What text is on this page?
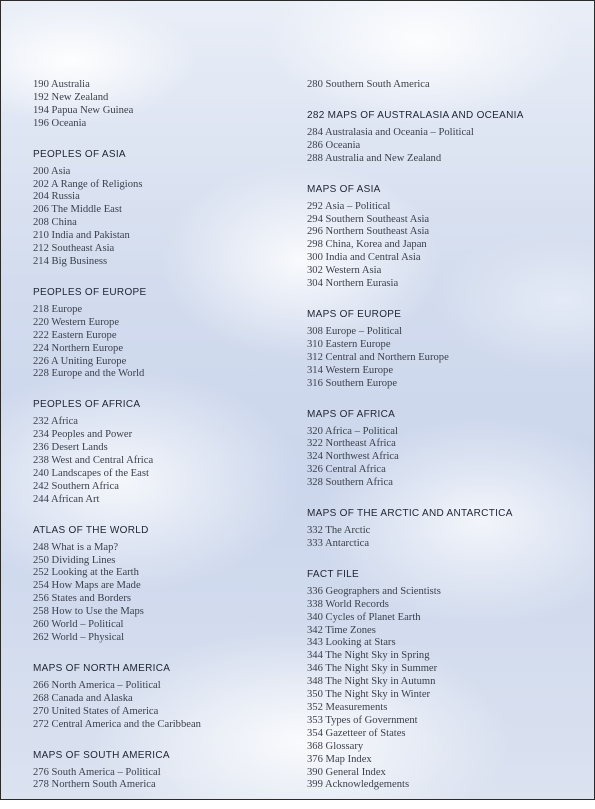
190 Australia
192 New Zealand
194 Papua New Guinea
196 Oceania
PEOPLES OF ASIA
200 Asia
202 A Range of Religions
204 Russia
206 The Middle East
208 China
210 India and Pakistan
212 Southeast Asia
214 Big Business
PEOPLES OF EUROPE
218 Europe
220 Western Europe
222 Eastern Europe
224 Northern Europe
226 A Uniting Europe
228 Europe and the World
PEOPLES OF AFRICA
232 Africa
234 Peoples and Power
236 Desert Lands
238 West and Central Africa
240 Landscapes of the East
242 Southern Africa
244 African Art
ATLAS OF THE WORLD
248 What is a Map?
250 Dividing Lines
252 Looking at the Earth
254 How Maps are Made
256 States and Borders
258 How to Use the Maps
260 World – Political
262 World – Physical
MAPS OF NORTH AMERICA
266 North America – Political
268 Canada and Alaska
270 United States of America
272 Central America and the Caribbean
MAPS OF SOUTH AMERICA
276 South America – Political
278 Northern South America
280 Southern South America
282 MAPS OF AUSTRALASIA AND OCEANIA
284 Australasia and Oceania – Political
286 Oceania
288 Australia and New Zealand
MAPS OF ASIA
292 Asia – Political
294 Southern Southeast Asia
296 Northern Southeast Asia
298 China, Korea and Japan
300 India and Central Asia
302 Western Asia
304 Northern Eurasia
MAPS OF EUROPE
308 Europe – Political
310 Eastern Europe
312 Central and Northern Europe
314 Western Europe
316 Southern Europe
MAPS OF AFRICA
320 Africa – Political
322 Northeast Africa
324 Northwest Africa
326 Central Africa
328 Southern Africa
MAPS OF THE ARCTIC AND ANTARCTICA
332 The Arctic
333 Antarctica
FACT FILE
336 Geographers and Scientists
338 World Records
340 Cycles of Planet Earth
342 Time Zones
343 Looking at Stars
344 The Night Sky in Spring
346 The Night Sky in Summer
348 The Night Sky in Autumn
350 The Night Sky in Winter
352 Measurements
353 Types of Government
354 Gazetteer of States
368 Glossary
376 Map Index
390 General Index
399 Acknowledgements
